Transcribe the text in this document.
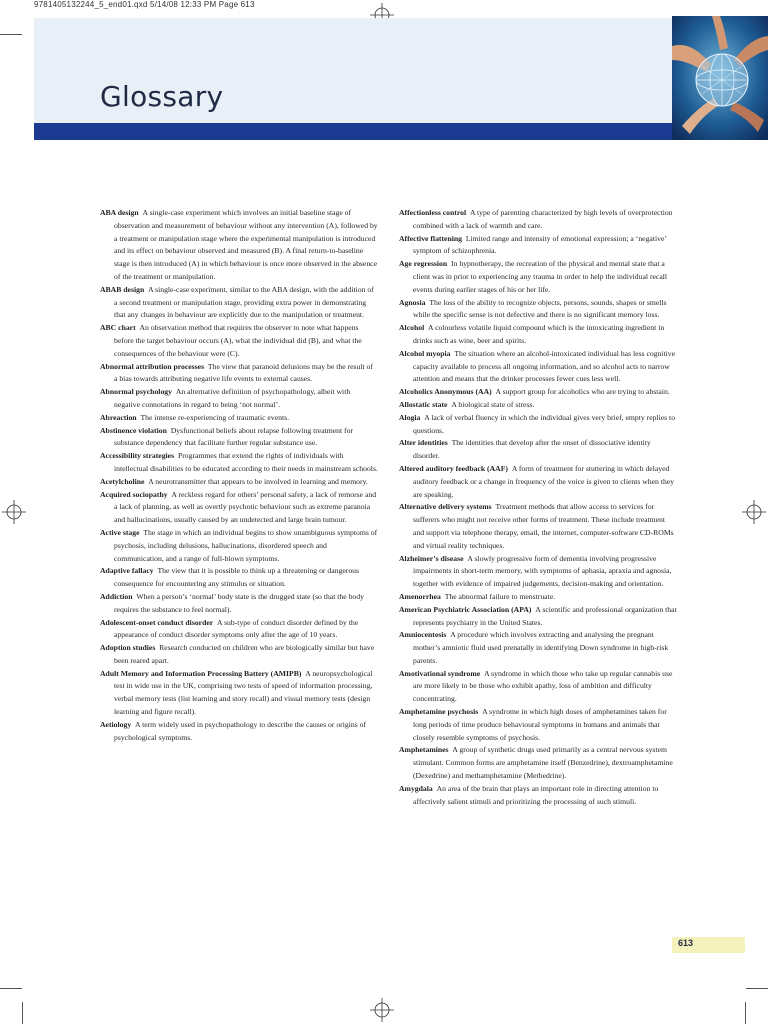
9781405132244_5_end01.qxd 5/14/08 12:33 PM Page 613
Glossary

ABA design  A single-case experiment which involves an initial baseline stage of observation and measurement of behaviour without any intervention (A), followed by a treatment or manipulation stage where the experimental manipulation is introduced and its effect on behaviour observed and measured (B). A final return-to-baseline stage is then introduced (A) in which behaviour is once more observed in the absence of the treatment or manipulation.

ABAB design  A single-case experiment, similar to the ABA design, with the addition of a second treatment or manipulation stage, providing extra power in demonstrating that any changes in behaviour are explicitly due to the manipulation or treatment.

ABC chart  An observation method that requires the observer to note what happens before the target behaviour occurs (A), what the individual did (B), and what the consequences of the behaviour were (C).

Abnormal attribution processes  The view that paranoid delusions may be the result of a bias towards attributing negative life events to external causes.

Abnormal psychology  An alternative definition of psychopathology, albeit with negative connotations in regard to being ‘not normal’.

Abreaction  The intense re-experiencing of traumatic events.

Abstinence violation  Dysfunctional beliefs about relapse following treatment for substance dependency that facilitate further regular substance use.

Accessibility strategies  Programmes that extend the rights of individuals with intellectual disabilities to be educated according to their needs in mainstream schools.

Acetylcholine  A neurotransmitter that appears to be involved in learning and memory.

Acquired sociopathy  A reckless regard for others’ personal safety, a lack of remorse and a lack of planning, as well as overtly psychotic behaviour such as extreme paranoia and hallucinations, usually caused by an undetected and large brain tumour.

Active stage  The stage in which an individual begins to show unambiguous symptoms of psychosis, including delusions, hallucinations, disordered speech and communication, and a range of full-blown symptoms.

Adaptive fallacy  The view that it is possible to think up a threatening or dangerous consequence for encountering any stimulus or situation.

Addiction  When a person’s ‘normal’ body state is the drugged state (so that the body requires the substance to feel normal).

Adolescent-onset conduct disorder  A sub-type of conduct disorder defined by the appearance of conduct disorder symptoms only after the age of 10 years.

Adoption studies  Research conducted on children who are biologically similar but have been reared apart.

Adult Memory and Information Processing Battery (AMIPB)  A neuropsychological test in wide use in the UK, comprising two tests of speed of information processing, verbal memory tests (list learning and story recall) and visual memory tests (design learning and figure recall).

Aetiology  A term widely used in psychopathology to describe the causes or origins of psychological symptoms.

Affectionless control  A type of parenting characterized by high levels of overprotection combined with a lack of warmth and care.

Affective flattening  Limited range and intensity of emotional expression; a ‘negative’ symptom of schizophrenia.

Age regression  In hypnotherapy, the recreation of the physical and mental state that a client was in prior to experiencing any trauma in order to help the individual recall events during earlier stages of his or her life.

Agnosia  The loss of the ability to recognize objects, persons, sounds, shapes or smells while the specific sense is not defective and there is no significant memory loss.

Alcohol  A colourless volatile liquid compound which is the intoxicating ingredient in drinks such as wine, beer and spirits.

Alcohol myopia  The situation where an alcohol-intoxicated individual has less cognitive capacity available to process all ongoing information, and so alcohol acts to narrow attention and means that the drinker processes fewer cues less well.

Alcoholics Anonymous (AA)  A support group for alcoholics who are trying to abstain.

Allostatic state  A biological state of stress.

Alogia  A lack of verbal fluency in which the individual gives very brief, empty replies to questions.

Alter identities  The identities that develop after the onset of dissociative identity disorder.

Altered auditory feedback (AAF)  A form of treatment for stuttering in which delayed auditory feedback or a change in frequency of the voice is given to clients when they are speaking.

Alternative delivery systems  Treatment methods that allow access to services for sufferers who might not receive other forms of treatment. These include treatment and support via telephone therapy, email, the internet, computer-software CD-ROMs and virtual reality techniques.

Alzheimer’s disease  A slowly progressive form of dementia involving progressive impairments in short-term memory, with symptoms of aphasia, apraxia and agnosia, together with evidence of impaired judgements, decision-making and orientation.

Amenorrhea  The abnormal failure to menstruate.

American Psychiatric Association (APA)  A scientific and professional organization that represents psychiatry in the United States.

Amniocentesis  A procedure which involves extracting and analysing the pregnant mother’s amniotic fluid used prenatally in identifying Down syndrome in high-risk parents.

Amotivational syndrome  A syndrome in which those who take up regular cannabis use are more likely to be those who exhibit apathy, loss of ambition and difficulty concentrating.

Amphetamine psychosis  A syndrome in which high doses of amphetamines taken for long periods of time produce behavioural symptoms in humans and animals that closely resemble symptoms of psychosis.

Amphetamines  A group of synthetic drugs used primarily as a central nervous system stimulant. Common forms are amphetamine itself (Benzedrine), dextroamphetamine (Dexedrine) and methamphetamine (Methedrine).

Amygdala  An area of the brain that plays an important role in directing attention to affectively salient stimuli and prioritizing the processing of such stimuli.

613
